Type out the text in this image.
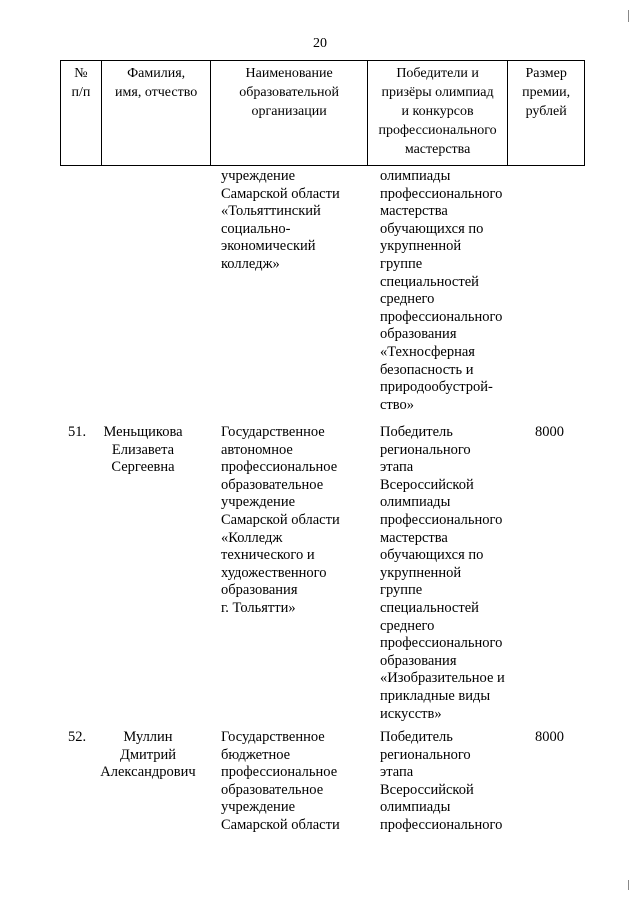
20
№
п/п
Фамилия,
имя, отчество
Наименование
образовательной
организации
Победители и
призёры олимпиад
и конкурсов
профессионального
мастерства
Размер
премии,
рублей
учреждение
Самарской области
«Тольяттинский
социально-
экономический
колледж»
олимпиады
профессионального
мастерства
обучающихся по
укрупненной
группе
специальностей
среднего
профессионального
образования
«Техносферная
безопасность и
природообустрой-
ство»
51. Меньщикова
Елизавета
Сергеевна
Государственное
автономное
профессиональное
образовательное
учреждение
Самарской области
«Колледж
технического и
художественного
образования
г. Тольятти»
Победитель
регионального
этапа
Всероссийской
олимпиады
профессионального
мастерства
обучающихся по
укрупненной
группе
специальностей
среднего
профессионального
образования
«Изобразительное и
прикладные виды
искусств»
8000
52.	Муллин
Дмитрий
Александрович
Государственное
бюджетное
профессиональное
образовательное
учреждение
Самарской области
Победитель
регионального
этапа
Всероссийской
олимпиады
профессионального
8000
